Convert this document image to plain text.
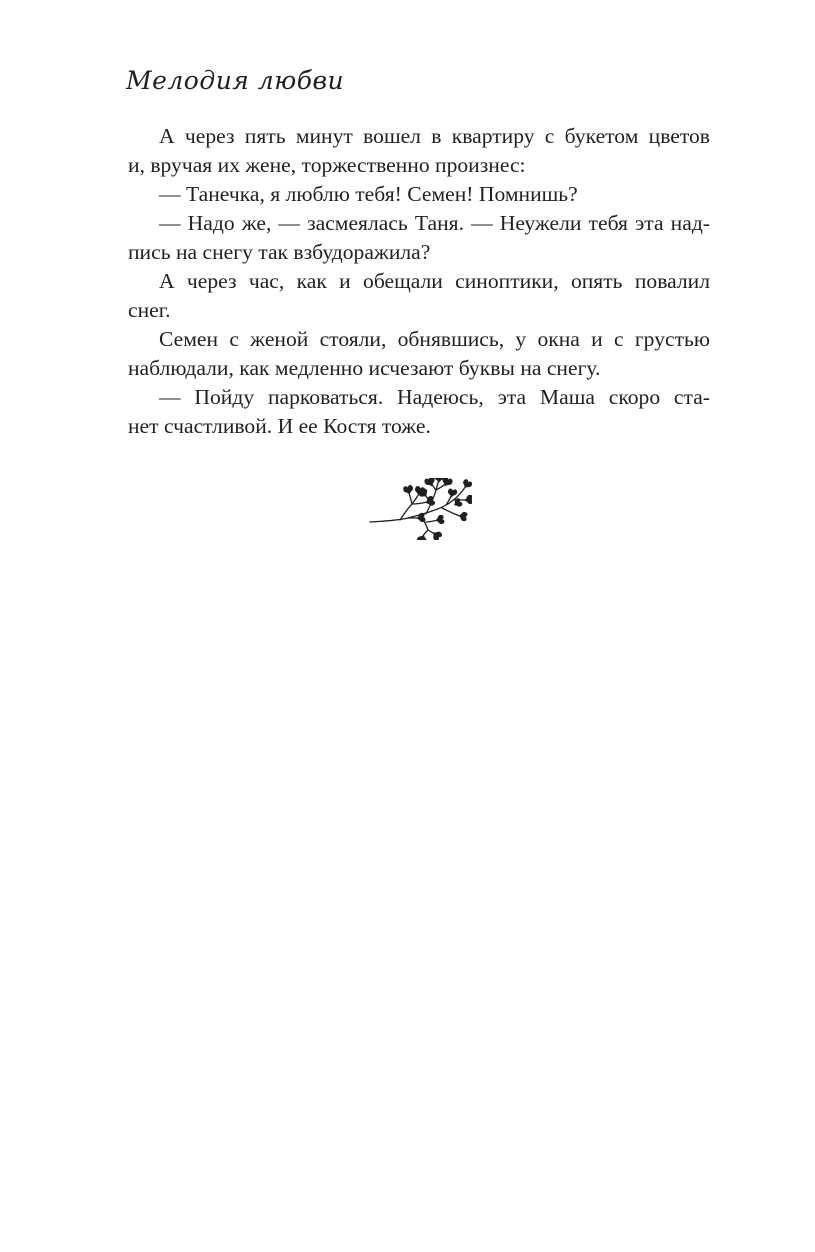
Мелодия любви
А через пять минут вошел в квартиру с букетом цветов
и, вручая их жене, торжественно произнес:
— Танечка, я люблю тебя! Семен! Помнишь?
— Надо же, — засмеялась Таня. — Неужели тебя эта над-
пись на снегу так взбудоражила?
А через час, как и обещали синоптики, опять повалил
снег.
Семен с женой стояли, обнявшись, у окна и с грустью
наблюдали, как медленно исчезают буквы на снегу.
— Пойду парковаться. Надеюсь, эта Маша скоро ста-
нет счастливой. И ее Костя тоже.
